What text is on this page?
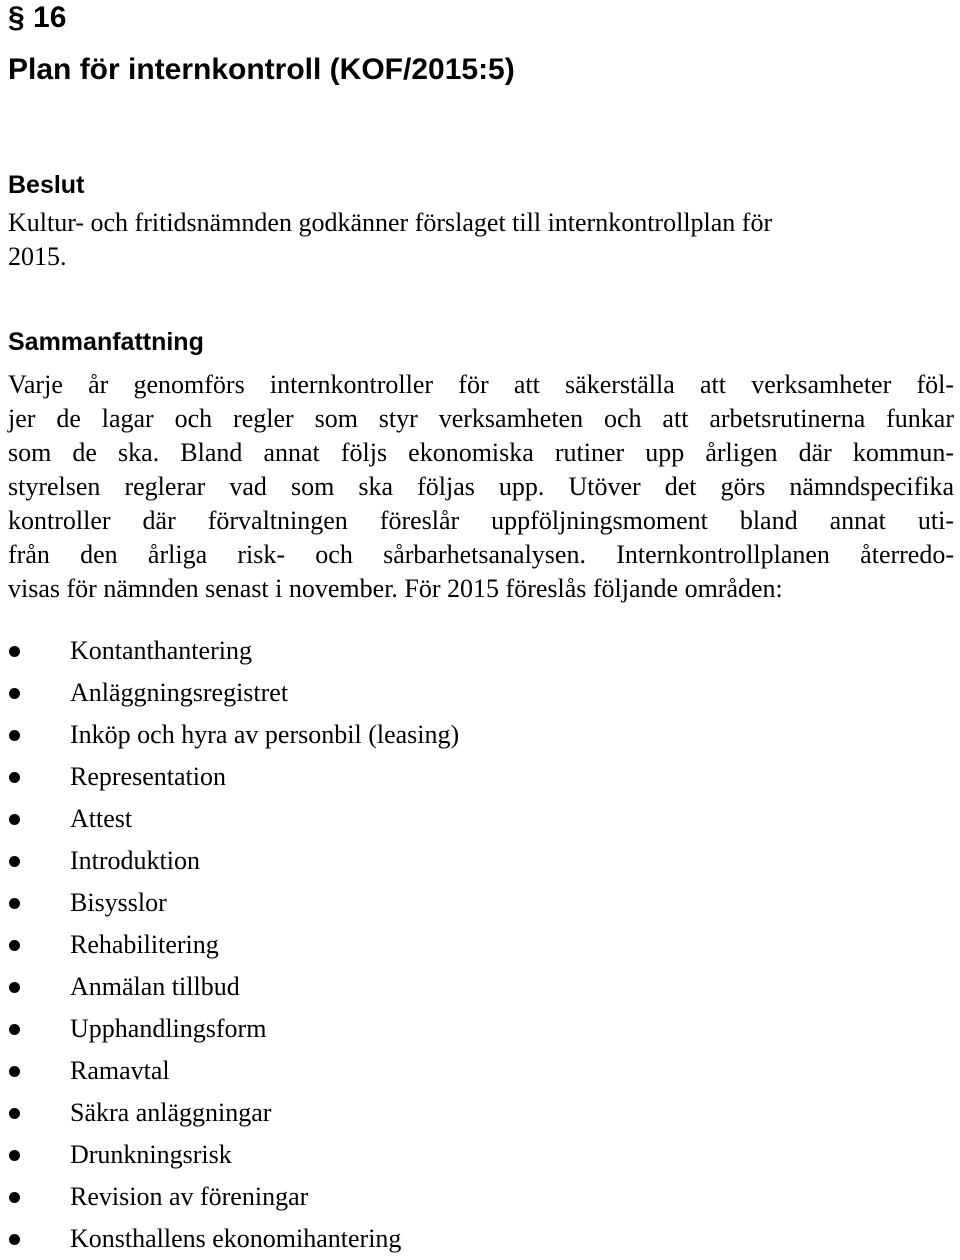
§ 16
Plan för internkontroll (KOF/2015:5)
Beslut

Kultur- och fritidsnämnden godkänner förslaget till internkontrollplan för
2015.

Sammanfattning

Varje år genomförs internkontroller för att säkerställa att verksamheter föl-
jer de lagar och regler som styr verksamheten och att arbetsrutinerna funkar
som de ska. Bland annat följs ekonomiska rutiner upp årligen där kommun-
styrelsen reglerar vad som ska följas upp. Utöver det görs nämndspecifika
kontroller där förvaltningen föreslår uppföljningsmoment bland annat uti-
från den årliga risk- och sårbarhetsanalysen. Internkontrollplanen återredo-
visas för nämnden senast i november. För 2015 föreslås följande områden:

Kontanthantering
Anläggningsregistret
Inköp och hyra av personbil (leasing)
Representation
Attest
Introduktion
Bisysslor
Rehabilitering
Anmälan tillbud
Upphandlingsform
Ramavtal
Säkra anläggningar
Drunkningsrisk
Revision av föreningar
Konsthallens ekonomihantering
